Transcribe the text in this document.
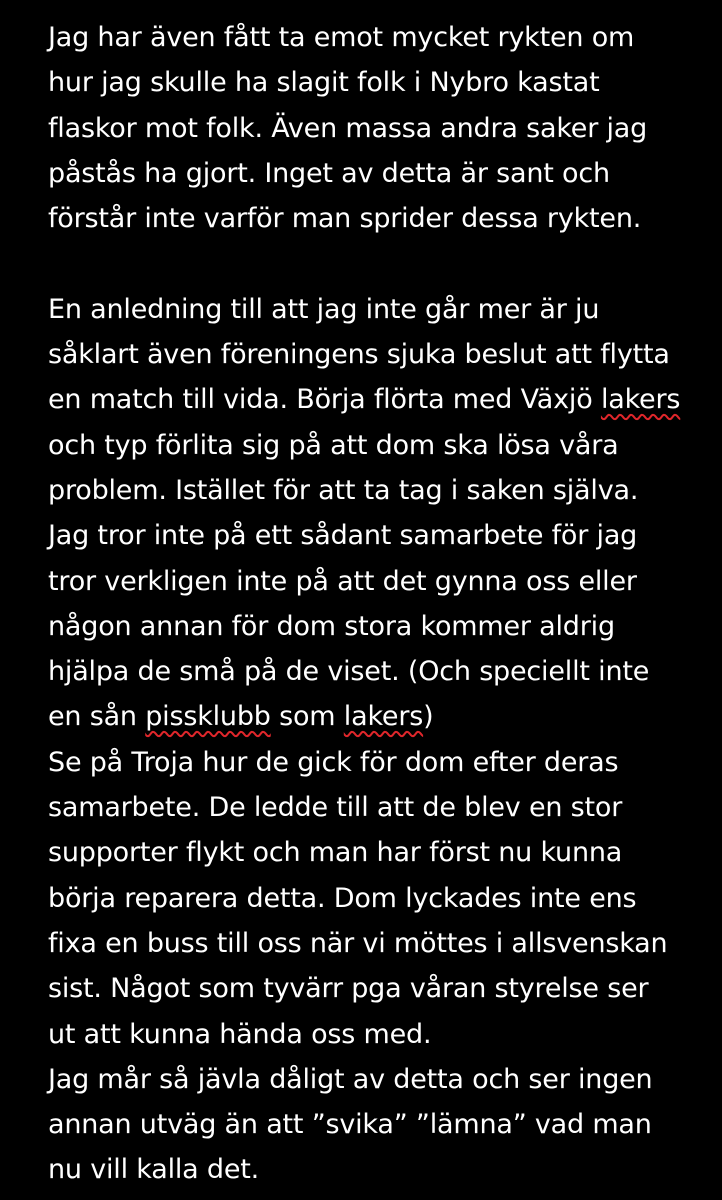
Jag har även fått ta emot mycket rykten om
hur jag skulle ha slagit folk i Nybro kastat
flaskor mot folk. Även massa andra saker jag
påstås ha gjort. Inget av detta är sant och
förstår inte varför man sprider dessa rykten.
En anledning till att jag inte går mer är ju
såklart även föreningens sjuka beslut att flytta
en match till vida. Börja flörta med Växjö lakers
och typ förlita sig på att dom ska lösa våra
problem. Istället för att ta tag i saken själva.
Jag tror inte på ett sådant samarbete för jag
tror verkligen inte på att det gynna oss eller
någon annan för dom stora kommer aldrig
hjälpa de små på de viset. (Och speciellt inte
en sån pissklubb som lakers)
Se på Troja hur de gick för dom efter deras
samarbete. De ledde till att de blev en stor
supporter flykt och man har först nu kunna
börja reparera detta. Dom lyckades inte ens
fixa en buss till oss när vi möttes i allsvenskan
sist. Något som tyvärr pga våran styrelse ser
ut att kunna hända oss med.
Jag mår så jävla dåligt av detta och ser ingen
annan utväg än att ”svika” ”lämna” vad man
nu vill kalla det.
